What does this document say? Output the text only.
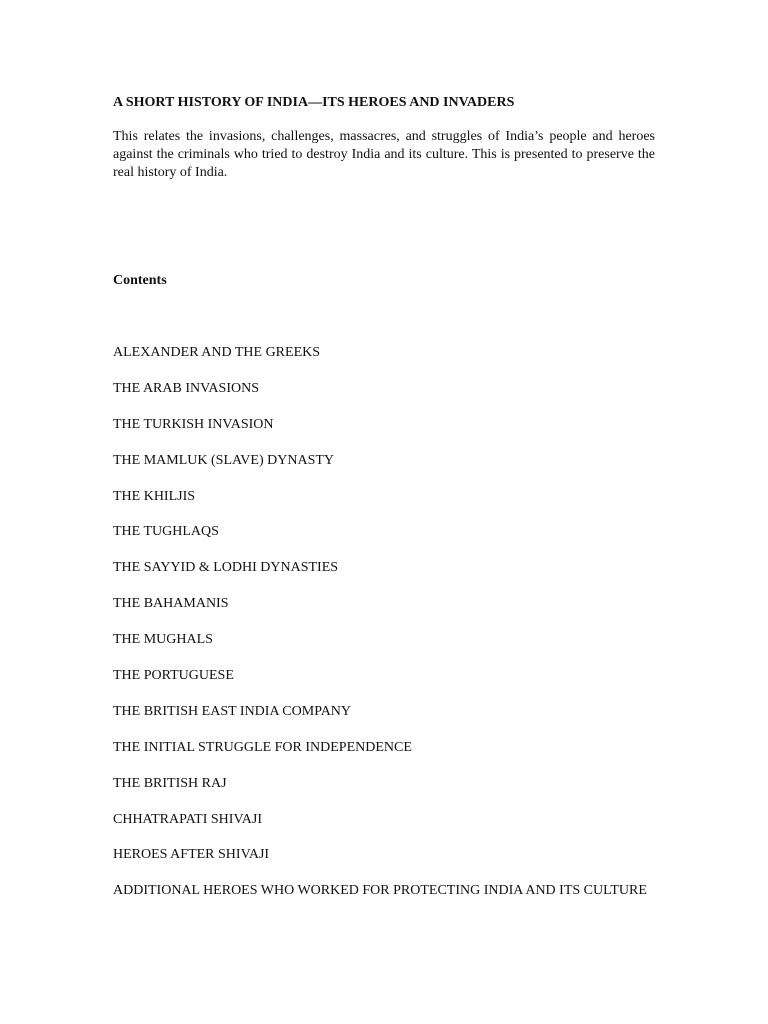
A SHORT HISTORY OF INDIA—ITS HEROES AND INVADERS

This relates the invasions, challenges, massacres, and struggles of India’s people and heroes against the criminals who tried to destroy India and its culture. This is presented to preserve the real history of India.

Contents
ALEXANDER AND THE GREEKS
THE ARAB INVASIONS
THE TURKISH INVASION
THE MAMLUK (SLAVE) DYNASTY
THE KHILJIS
THE TUGHLAQS
THE SAYYID & LODHI DYNASTIES
THE BAHAMANIS
THE MUGHALS
THE PORTUGUESE
THE BRITISH EAST INDIA COMPANY
THE INITIAL STRUGGLE FOR INDEPENDENCE
THE BRITISH RAJ
CHHATRAPATI SHIVAJI
HEROES AFTER SHIVAJI
ADDITIONAL HEROES WHO WORKED FOR PROTECTING INDIA AND ITS CULTURE
